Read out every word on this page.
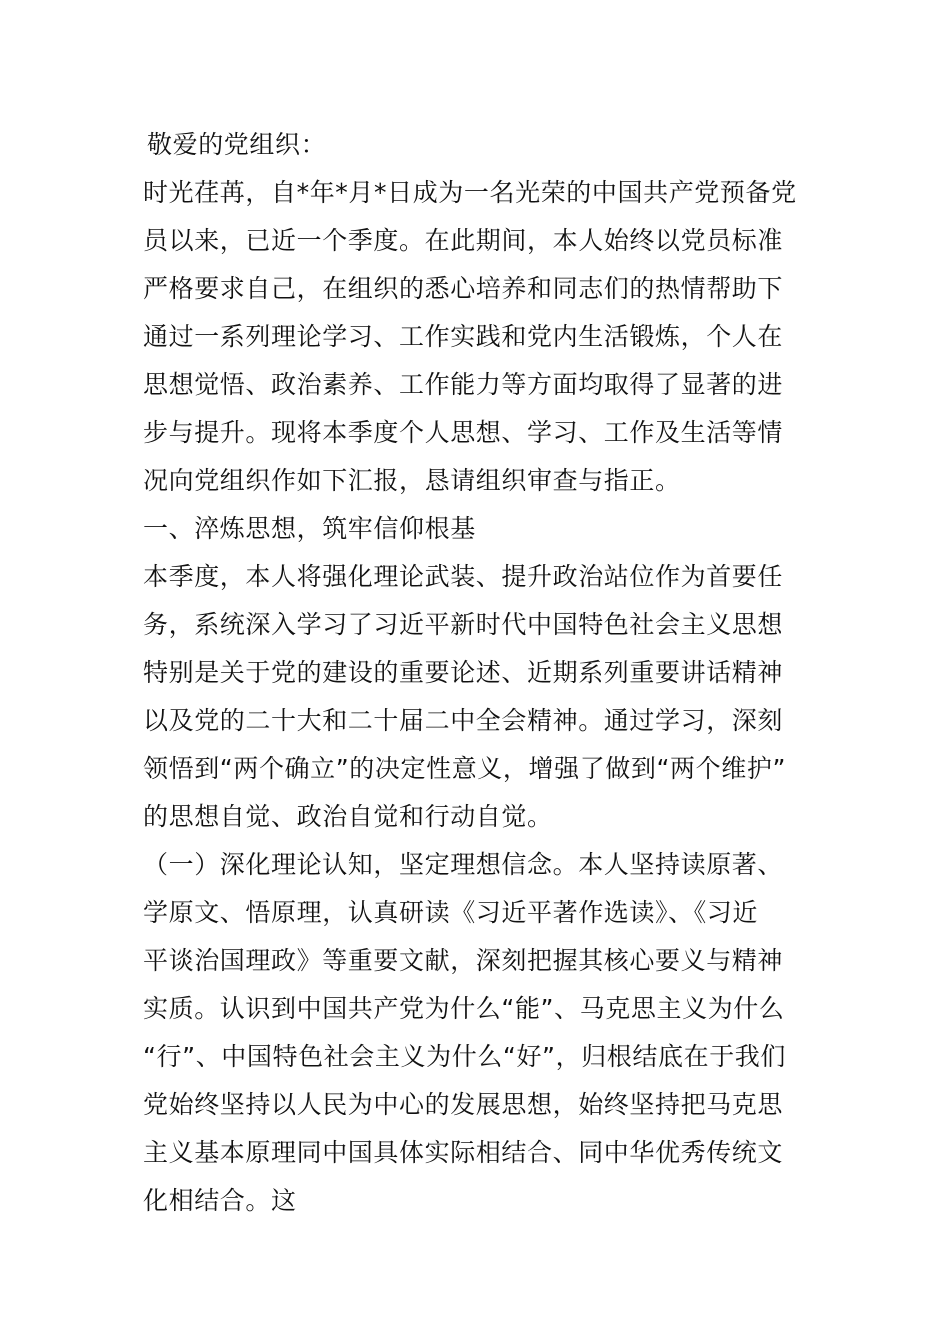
敬爱的党组织：
时光荏苒，自*年*月*日成为一名光荣的中国共产党预备党
员以来，已近一个季度。在此期间，本人始终以党员标准
严格要求自己，在组织的悉心培养和同志们的热情帮助下
通过一系列理论学习、工作实践和党内生活锻炼，个人在
思想觉悟、政治素养、工作能力等方面均取得了显著的进
步与提升。现将本季度个人思想、学习、工作及生活等情
况向党组织作如下汇报，恳请组织审查与指正。
一、淬炼思想，筑牢信仰根基
本季度，本人将强化理论武装、提升政治站位作为首要任
务，系统深入学习了习近平新时代中国特色社会主义思想
特别是关于党的建设的重要论述、近期系列重要讲话精神
以及党的二十大和二十届二中全会精神。通过学习，深刻
领悟到“两个确立”的决定性意义，增强了做到“两个维护”
的思想自觉、政治自觉和行动自觉。
（一）深化理论认知，坚定理想信念。本人坚持读原著、
学原文、悟原理，认真研读《习近平著作选读》、《习近
平谈治国理政》等重要文献，深刻把握其核心要义与精神
实质。认识到中国共产党为什么“能”、马克思主义为什么
“行”、中国特色社会主义为什么“好”，归根结底在于我们
党始终坚持以人民为中心的发展思想，始终坚持把马克思
主义基本原理同中国具体实际相结合、同中华优秀传统文
化相结合。这
